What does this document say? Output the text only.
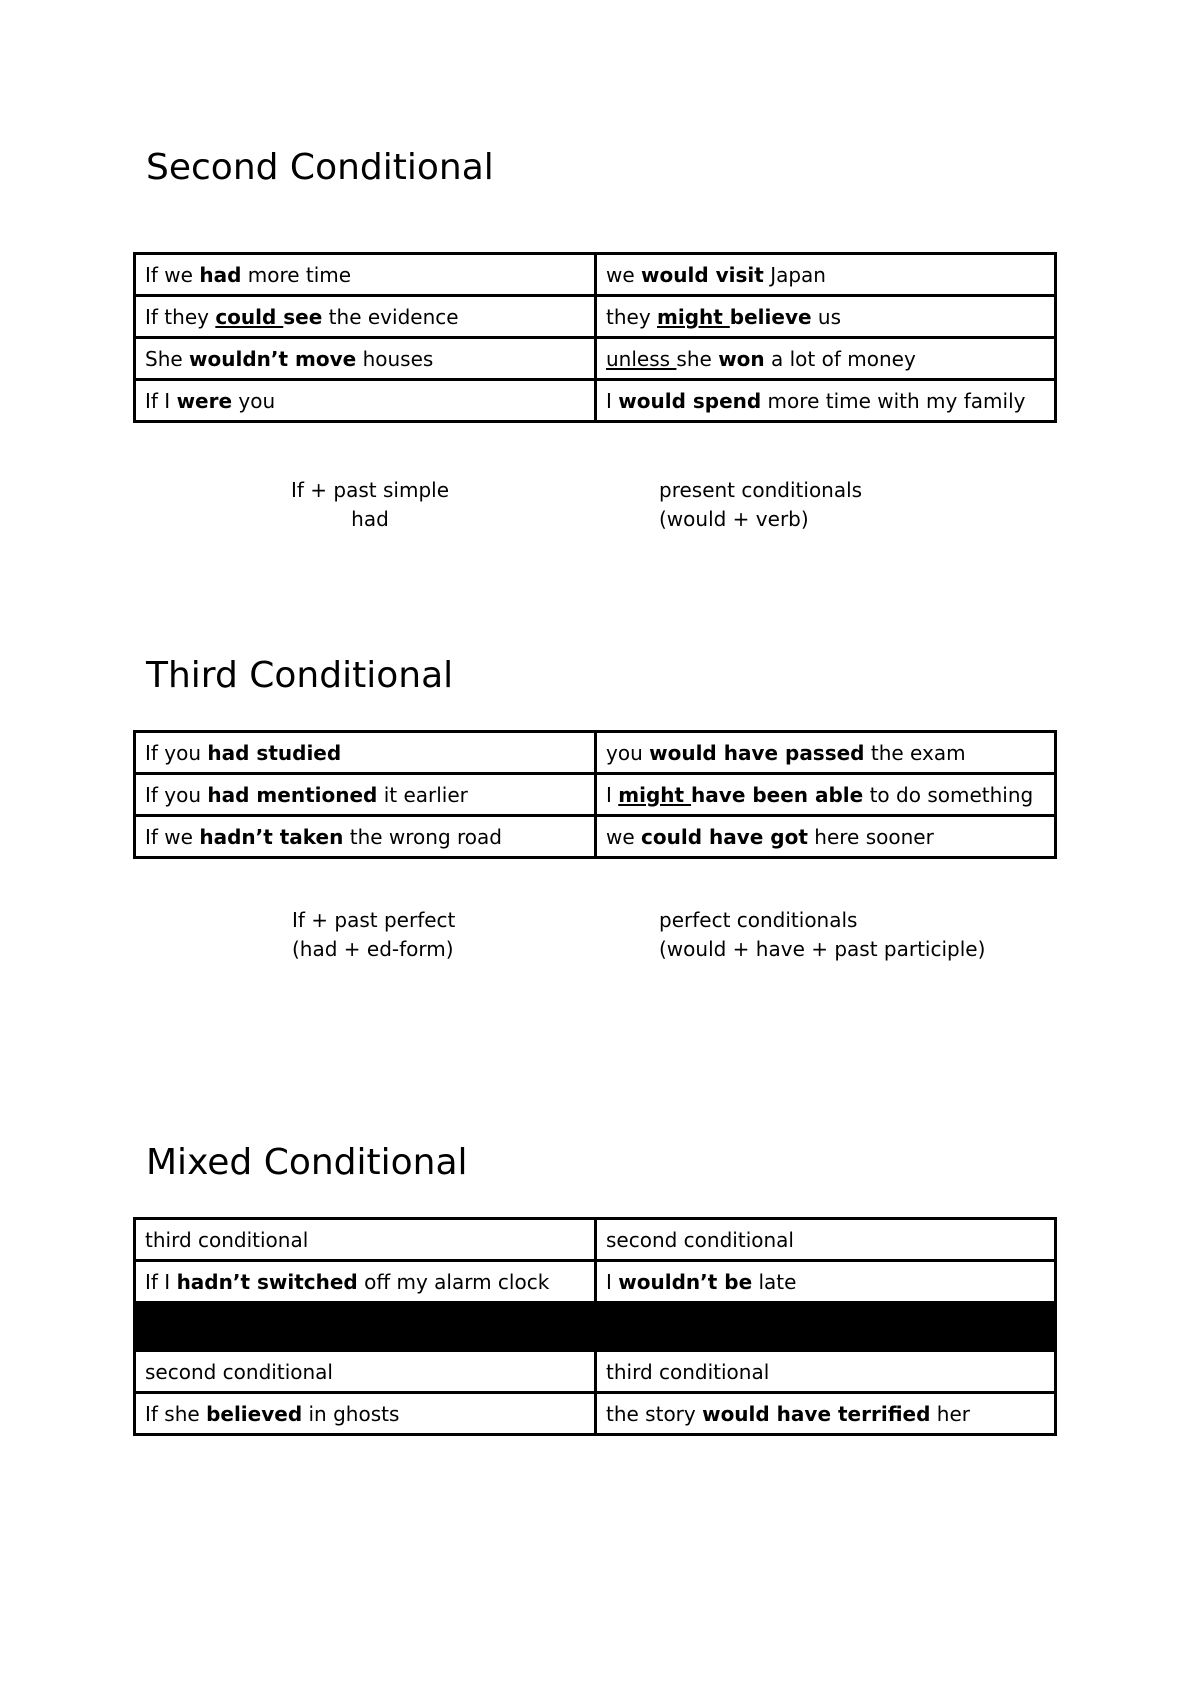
Second Conditional
If we had more time	we would visit Japan
If they could see the evidence	they might believe us
She wouldn’t move houses	unless she won a lot of money
If I were you	I would spend more time with my family
If + past simple
had
present conditionals
(would + verb)
Third Conditional
If you had studied	you would have passed the exam
If you had mentioned it earlier	I might have been able to do something
If we hadn’t taken the wrong road	we could have got here sooner
If + past perfect
(had + ed-form)
perfect conditionals
(would + have + past participle)
Mixed Conditional
third conditional	second conditional
If I hadn’t switched off my alarm clock	I wouldn’t be late

second conditional	third conditional
If she believed in ghosts	the story would have terrified her
